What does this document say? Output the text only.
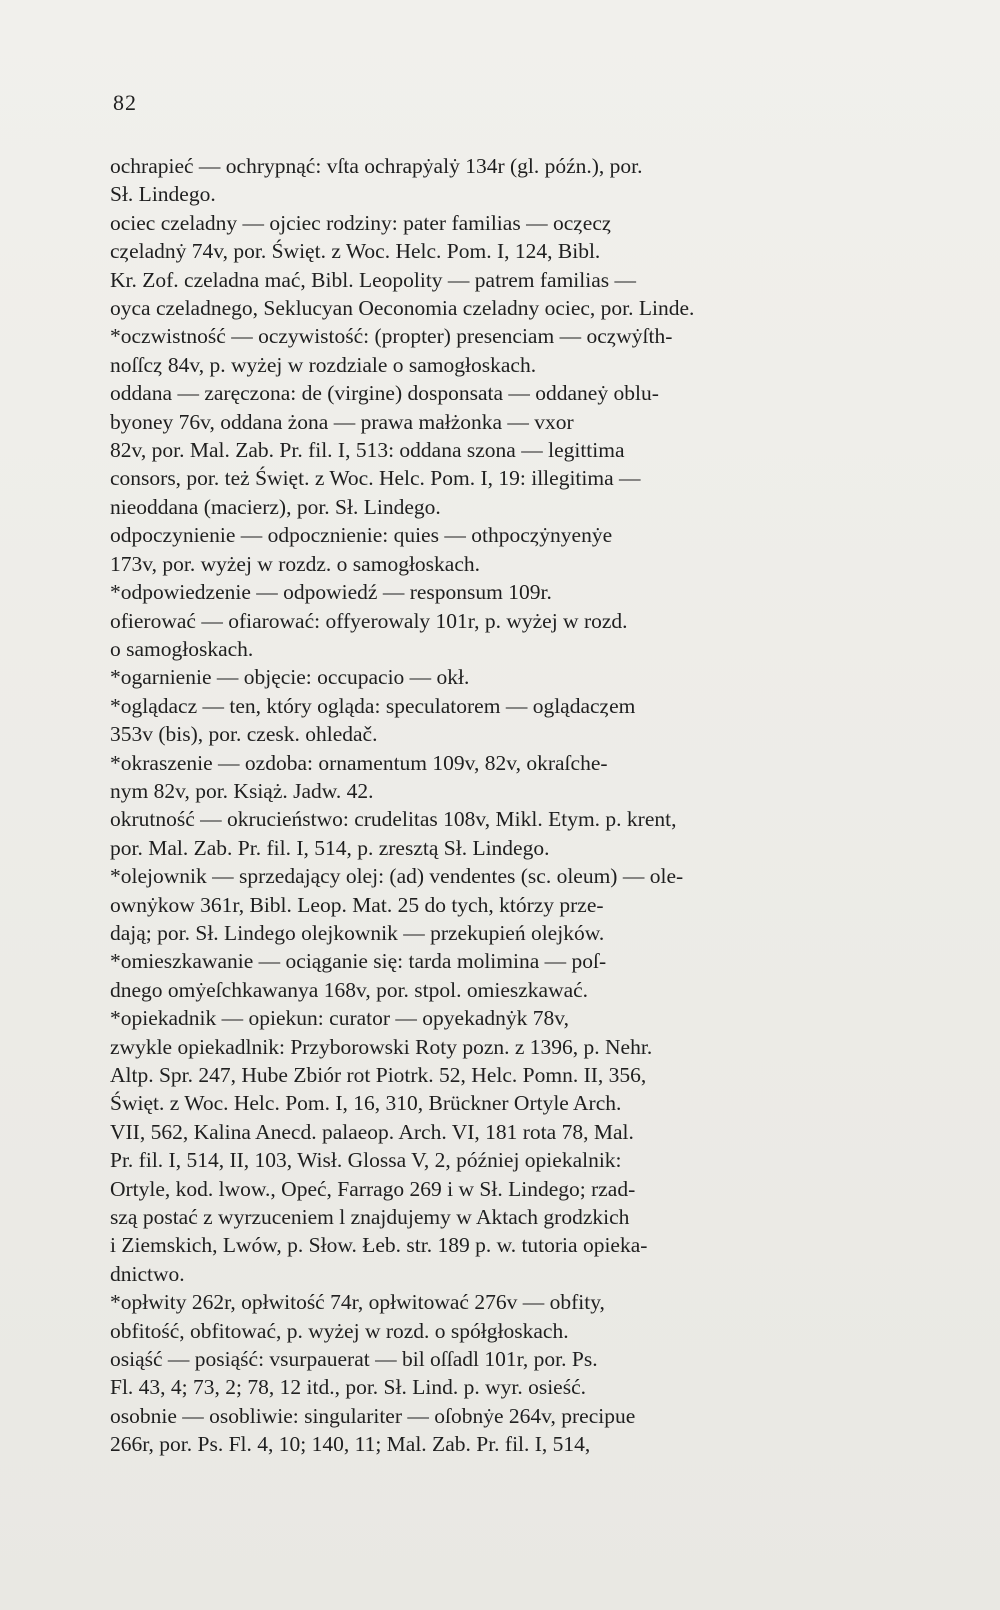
82

ochrapieć — ochrypnąć: vſta ochrapẏalẏ 134r (gl. późn.), por.
Sł. Lindego.

ociec czeladny — ojciec rodziny: pater familias — ocȥecȥ
cȥeladnẏ 74v, por. Święt. z Woc. Helc. Pom. I, 124, Bibl.
Kr. Zof. czeladna mać, Bibl. Leopolity — patrem familias —
oyca czeladnego, Seklucyan Oeconomia czeladny ociec, por. Linde.

*oczwistność — oczywistość: (propter) presenciam — ocȥwẏſth-
noſſcȥ 84v, p. wyżej w rozdziale o samogłoskach.

oddana — zaręczona: de (virgine) dosponsata — oddaneẏ oblu-
byoney 76v, oddana żona — prawa małżonka — vxor
82v, por. Mal. Zab. Pr. fil. I, 513: oddana szona — legittima
consors, por. też Święt. z Woc. Helc. Pom. I, 19: illegitima —
nieoddana (macierz), por. Sł. Lindego.

odpoczynienie — odpocznienie: quies — othpocȥẏnyenẏe
173v, por. wyżej w rozdz. o samogłoskach.

*odpowiedzenie — odpowiedź — responsum 109r.

ofierować — ofiarować: offyerowaly 101r, p. wyżej w rozd.
o samogłoskach.

*ogarnienie — objęcie: occupacio — okł.

*oglądacz — ten, który ogląda: speculatorem — oglądacȥem
353v (bis), por. czesk. ohledač.

*okraszenie — ozdoba: ornamentum 109v, 82v, okraſche-
nym 82v, por. Książ. Jadw. 42.

okrutność — okrucieństwo: crudelitas 108v, Mikl. Etym. p. krent,
por. Mal. Zab. Pr. fil. I, 514, p. zresztą Sł. Lindego.

*olejownik — sprzedający olej: (ad) vendentes (sc. oleum) — ole-
ownẏkow 361r, Bibl. Leop. Mat. 25 do tych, którzy prze-
dają; por. Sł. Lindego olejkownik — przekupień olejków.

*omieszkawanie — ociąganie się: tarda molimina — poſ-
dnego omẏeſchkawanya 168v, por. stpol. omieszkawać.

*opiekadnik — opiekun: curator — opyekadnẏk 78v,
zwykle opiekadlnik: Przyborowski Roty pozn. z 1396, p. Nehr.
Altp. Spr. 247, Hube Zbiór rot Piotrk. 52, Helc. Pomn. II, 356,
Święt. z Woc. Helc. Pom. I, 16, 310, Brückner Ortyle Arch.
VII, 562, Kalina Anecd. palaeop. Arch. VI, 181 rota 78, Mal.
Pr. fil. I, 514, II, 103, Wisł. Glossa V, 2, później opiekalnik:
Ortyle, kod. lwow., Opeć, Farrago 269 i w Sł. Lindego; rzad-
szą postać z wyrzuceniem l znajdujemy w Aktach grodzkich
i Ziemskich, Lwów, p. Słow. Łeb. str. 189 p. w. tutoria opieka-
dnictwo.

*opłwity 262r, opłwitość 74r, opłwitować 276v — obfity,
obfitość, obfitować, p. wyżej w rozd. o spółgłoskach.

osiąść — posiąść: vsurpauerat — bil oſſadl 101r, por. Ps.
Fl. 43, 4; 73, 2; 78, 12 itd., por. Sł. Lind. p. wyr. osieść.

osobnie — osobliwie: singulariter — oſobnẏe 264v, precipue
266r, por. Ps. Fl. 4, 10; 140, 11; Mal. Zab. Pr. fil. I, 514,
